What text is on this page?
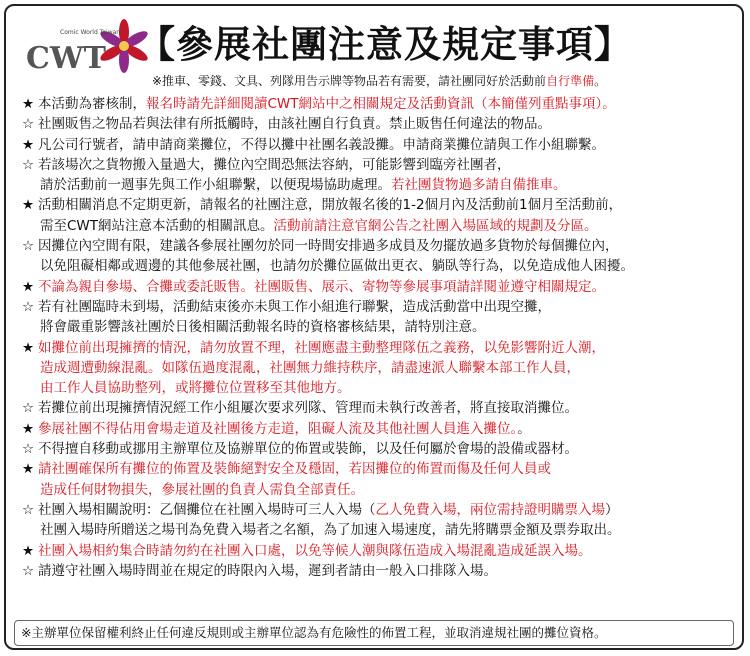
Comic World Taiwan
CWT 【參展社團注意及規定事項】
※推車、零錢、文具、列隊用告示牌等物品若有需要，請社團同好於活動前自行準備。
★ 本活動為審核制，報名時請先詳細閱讀CWT網站中之相關規定及活動資訊（本簡僅列重點事項）。
☆ 社團販售之物品若與法律有所抵觸時，由該社團自行負責。禁止販售任何違法的物品。
★ 凡公司行號者，請申請商業攤位，不得以攤中社團名義設攤。申請商業攤位請與工作小組聯繫。
☆ 若該場次之貨物搬入量過大，攤位內空間恐無法容納，可能影響到臨旁社團者，
請於活動前一週事先與工作小組聯繫，以便現場協助處理。若社團貨物過多請自備推車。
★ 活動相關消息不定期更新，請報名的社團注意，開放報名後的1-2個月內及活動前1個月至活動前，
需至CWT網站注意本活動的相關訊息。活動前請注意官網公告之社團入場區域的規劃及分區。
☆ 因攤位內空間有限，建議各參展社團勿於同一時間安排過多成員及勿擺放過多貨物於每個攤位內，
以免阻礙相鄰或週邊的其他參展社團，也請勿於攤位區做出更衣、躺臥等行為，以免造成他人困擾。
★ 不論為親自參場、合攤或委託販售。社團販售、展示、寄物等參展事項請詳閱並遵守相關規定。
☆ 若有社團臨時未到場，活動結束後亦未與工作小組進行聯繫，造成活動當中出現空攤，
將會嚴重影響該社團於日後相關活動報名時的資格審核結果，請特別注意。
★ 如攤位前出現擁擠的情況，請勿放置不理，社團應盡主動整理隊伍之義務，以免影響附近人潮，
造成週遭動線混亂。如隊伍過度混亂，社團無力維持秩序，請盡速派人聯繫本部工作人員，
由工作人員協助整列，或將攤位位置移至其他地方。
☆ 若攤位前出現擁擠情況經工作小組屢次要求列隊、管理而未執行改善者，將直接取消攤位。
★ 參展社團不得佔用會場走道及社團後方走道，阻礙人流及其他社團人員進入攤位。。
☆ 不得擅自移動或挪用主辦單位及協辦單位的佈置或裝飾，以及任何屬於會場的設備或器材。
★ 請社團確保所有攤位的佈置及裝飾絕對安全及穩固，若因攤位的佈置而傷及任何人員或
造成任何財物損失，參展社團的負責人需負全部責任。
☆ 社團入場相關說明：乙個攤位在社團入場時可三人入場（乙人免費入場，兩位需持證明購票入場）
社團入場時所贈送之場刊為免費入場者之名額，為了加速入場速度，請先將購票金額及票券取出。
★ 社團入場相約集合時請勿約在社團入口處，以免等候人潮與隊伍造成入場混亂造成延誤入場。
☆ 請遵守社團入場時間並在規定的時限內入場，遲到者請由一般入口排隊入場。
※主辦單位保留權利終止任何違反規則或主辦單位認為有危險性的佈置工程，並取消違規社團的攤位資格。
